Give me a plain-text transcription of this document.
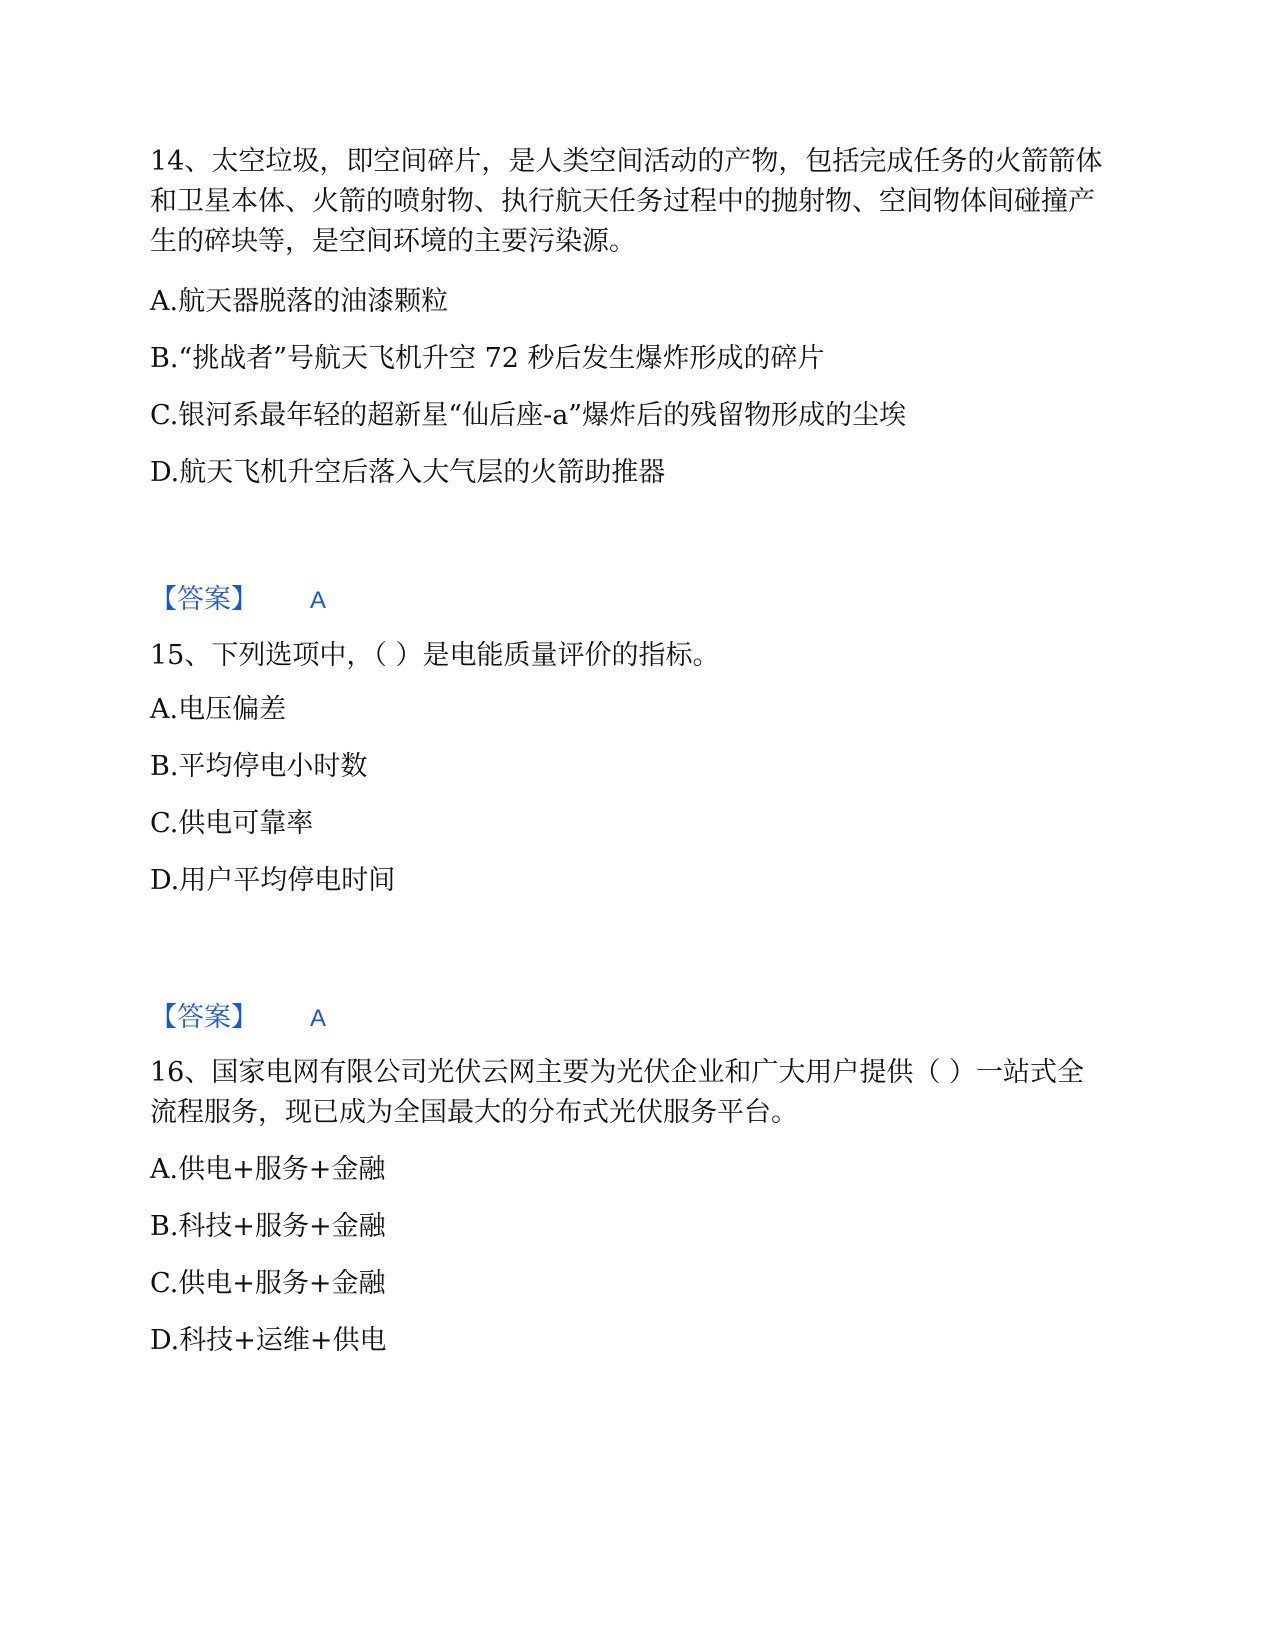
14、太空垃圾，即空间碎片，是人类空间活动的产物，包括完成任务的火箭箭体和卫星本体、火箭的喷射物、执行航天任务过程中的抛射物、空间物体间碰撞产生的碎块等，是空间环境的主要污染源。

A.航天器脱落的油漆颗粒

B.“挑战者”号航天飞机升空 72 秒后发生爆炸形成的碎片

C.银河系最年轻的超新星“仙后座-a”爆炸后的残留物形成的尘埃

D.航天飞机升空后落入大气层的火箭助推器

【答案】 A

15、下列选项中，（ ）是电能质量评价的指标。

A.电压偏差

B.平均停电小时数

C.供电可靠率

D.用户平均停电时间

【答案】 A

16、国家电网有限公司光伏云网主要为光伏企业和广大用户提供（ ）一站式全流程服务，现已成为全国最大的分布式光伏服务平台。

A.供电+服务+金融

B.科技+服务+金融

C.供电+服务+金融

D.科技+运维+供电
